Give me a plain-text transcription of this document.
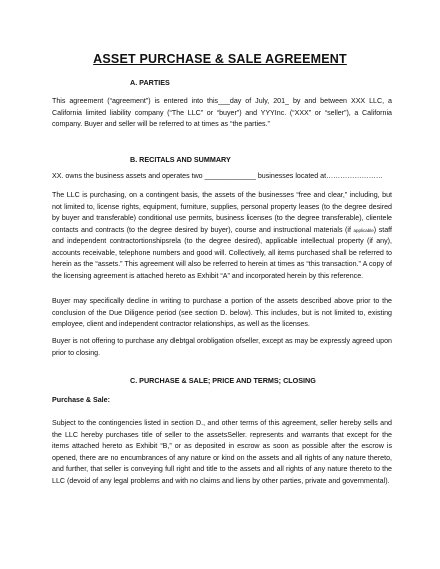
ASSET PURCHASE & SALE AGREEMENT
A. PARTIES
This agreement (“agreement”) is entered into this___day of July, 201_ by and between XXX LLC, a California limited liability company (“The LLC” or “buyer”) and YYYInc. (“XXX” or “seller”), a California company. Buyer and seller will be referred to at times as “the parties.”
B. RECITALS AND SUMMARY
XX. owns the business assets and operates two _____________ businesses located at……………………
The LLC is purchasing, on a contingent basis, the assets of the businesses “free and clear,” including, but not limited to, license rights, equipment, furniture, supplies, personal property leases (to the degree desired by buyer and transferable) conditional use permits, business licenses (to the degree transferable), clientele contacts and contracts (to the degree desired by buyer), course and instructional materials (if applicable) staff and independent contractortionshipsrela (to the degree desired), applicable intellectual property (if any), accounts receivable, telephone numbers and good will. Collectively, all items purchased shall be referred to herein as the “assets.” This agreement will also be referred to herein at times as “this transaction.” A copy of the licensing agreement is attached hereto as Exhibit “A” and incorporated herein by this reference.
Buyer may specifically decline in writing to purchase a portion of the assets described above prior to the conclusion of the Due Diligence period (see section D. below). This includes, but is not limited to, existing employee, client and independent contractor relationships, as well as the licenses.
Buyer is not offering to purchase any dlebtgal orobligation ofseller, except as may be expressly agreed upon prior to closing.
C. PURCHASE & SALE; PRICE AND TERMS; CLOSING
Purchase & Sale:
Subject to the contingencies listed in section D., and other terms of this agreement, seller hereby sells and the LLC hereby purchases title of seller to the assetsSeller. represents and warrants that except for the items attached hereto as Exhibit “B,” or as deposited in escrow as soon as possible after the escrow is opened, there are no encumbrances of any nature or kind on the assets and all rights of any nature thereto, and further, that seller is conveying full right and title to the assets and all rights of any nature thereto to the LLC (devoid of any legal problems and with no claims and liens by other parties, private and governmental).
